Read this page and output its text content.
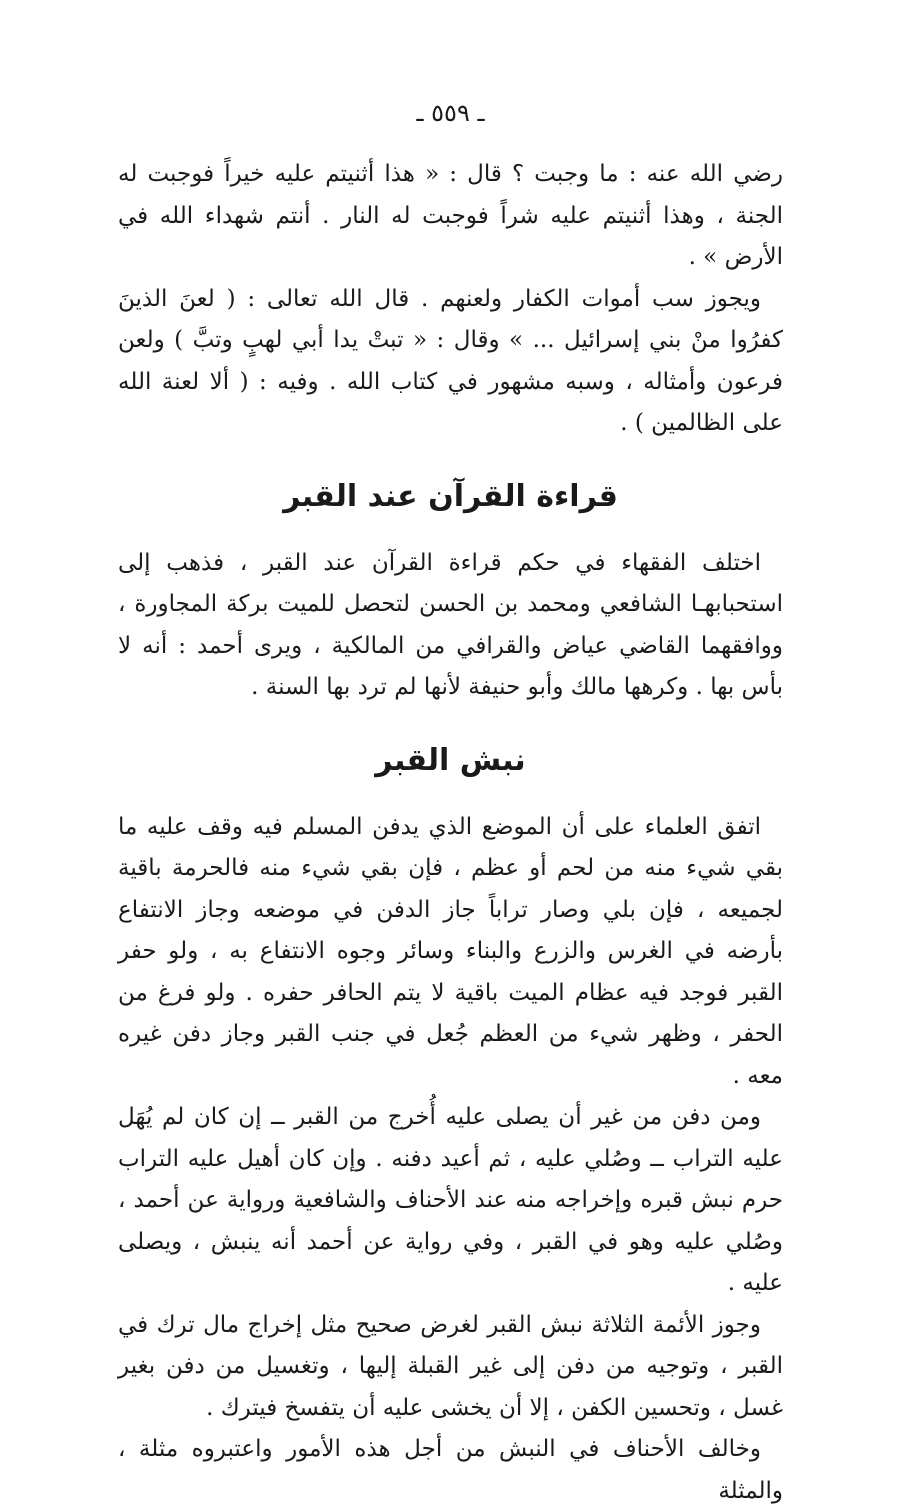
ـ ٥٥٩ ـ

رضي الله عنه : ما وجبت ؟ قال : « هذا أثنيتم عليه خيراً فوجبت له الجنة ، وهذا أثنيتم عليه شراً فوجبت له النار . أنتم شهداء الله في الأرض » .

ويجوز سب أموات الكفار ولعنهم . قال الله تعالى : ( لعنَ الذينَ كفرُوا منْ بني إسرائيل ... » وقال : « تبتْ يدا أبي لهبٍ وتبَّ ) ولعن فرعون وأمثاله ، وسبه مشهور في كتاب الله . وفيه : ( ألا لعنة الله على الظالمين ) .

قراءة القرآن عند القبر

اختلف الفقهاء في حكم قراءة القرآن عند القبر ، فذهب إلى استحبابهـا الشافعي ومحمد بن الحسن لتحصل للميت بركة المجاورة ، ووافقهما القاضي عياض والقرافي من المالكية ، ويرى أحمد : أنه لا بأس بها . وكرهها مالك وأبو حنيفة لأنها لم ترد بها السنة .

نبش القبر

اتفق العلماء على أن الموضع الذي يدفن المسلم فيه وقف عليه ما بقي شيء منه من لحم أو عظم ، فإن بقي شيء منه فالحرمة باقية لجميعه ، فإن بلي وصار تراباً جاز الدفن في موضعه وجاز الانتفاع بأرضه في الغرس والزرع والبناء وسائر وجوه الانتفاع به ، ولو حفر القبر فوجد فيه عظام الميت باقية لا يتم الحافر حفره . ولو فرغ من الحفر ، وظهر شيء من العظم جُعل في جنب القبر وجاز دفن غيره معه .

ومن دفن من غير أن يصلى عليه أُخرج من القبر ــ إن كان لم يُهَل عليه التراب ــ وصُلي عليه ، ثم أعيد دفنه . وإن كان أهيل عليه التراب حرم نبش قبره وإخراجه منه عند الأحناف والشافعية ورواية عن أحمد ، وصُلي عليه وهو في القبر ، وفي رواية عن أحمد أنه ينبش ، ويصلى عليه .

وجوز الأئمة الثلاثة نبش القبر لغرض صحيح مثل إخراج مال ترك في القبر ، وتوجيه من دفن إلى غير القبلة إليها ، وتغسيل من دفن بغير غسل ، وتحسين الكفن ، إلا أن يخشى عليه أن يتفسخ فيترك .

وخالف الأحناف في النبش من أجل هذه الأمور واعتبروه مثلة ، والمثلة
